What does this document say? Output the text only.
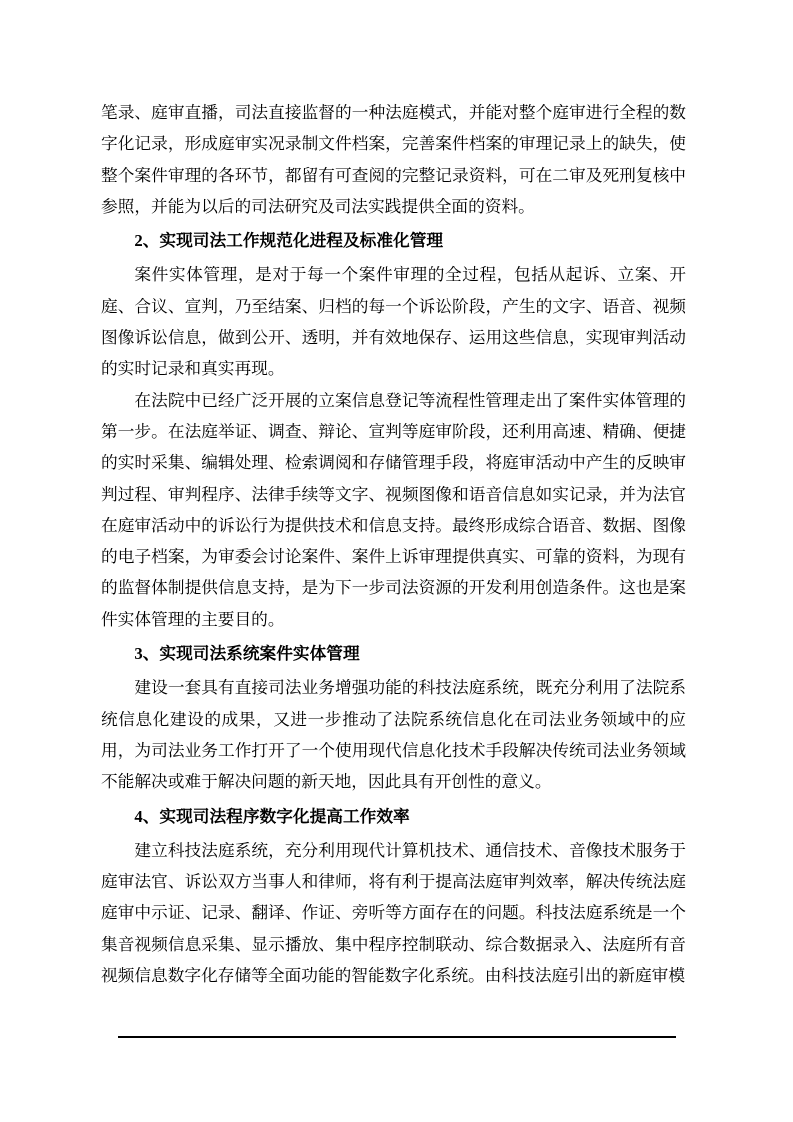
笔录、庭审直播，司法直接监督的一种法庭模式，并能对整个庭审进行全程的数字化记录，形成庭审实况录制文件档案，完善案件档案的审理记录上的缺失，使整个案件审理的各环节，都留有可查阅的完整记录资料，可在二审及死刑复核中参照，并能为以后的司法研究及司法实践提供全面的资料。

2、实现司法工作规范化进程及标准化管理

案件实体管理，是对于每一个案件审理的全过程，包括从起诉、立案、开庭、合议、宣判，乃至结案、归档的每一个诉讼阶段，产生的文字、语音、视频图像诉讼信息，做到公开、透明，并有效地保存、运用这些信息，实现审判活动的实时记录和真实再现。

在法院中已经广泛开展的立案信息登记等流程性管理走出了案件实体管理的第一步。在法庭举证、调查、辩论、宣判等庭审阶段，还利用高速、精确、便捷的实时采集、编辑处理、检索调阅和存储管理手段，将庭审活动中产生的反映审判过程、审判程序、法律手续等文字、视频图像和语音信息如实记录，并为法官在庭审活动中的诉讼行为提供技术和信息支持。最终形成综合语音、数据、图像的电子档案，为审委会讨论案件、案件上诉审理提供真实、可靠的资料，为现有的监督体制提供信息支持，是为下一步司法资源的开发利用创造条件。这也是案件实体管理的主要目的。

3、实现司法系统案件实体管理

建设一套具有直接司法业务增强功能的科技法庭系统，既充分利用了法院系统信息化建设的成果，又进一步推动了法院系统信息化在司法业务领域中的应用，为司法业务工作打开了一个使用现代信息化技术手段解决传统司法业务领域不能解决或难于解决问题的新天地，因此具有开创性的意义。

4、实现司法程序数字化提高工作效率

建立科技法庭系统，充分利用现代计算机技术、通信技术、音像技术服务于庭审法官、诉讼双方当事人和律师，将有利于提高法庭审判效率，解决传统法庭庭审中示证、记录、翻译、作证、旁听等方面存在的问题。科技法庭系统是一个集音视频信息采集、显示播放、集中程序控制联动、综合数据录入、法庭所有音视频信息数字化存储等全面功能的智能数字化系统。由科技法庭引出的新庭审模
